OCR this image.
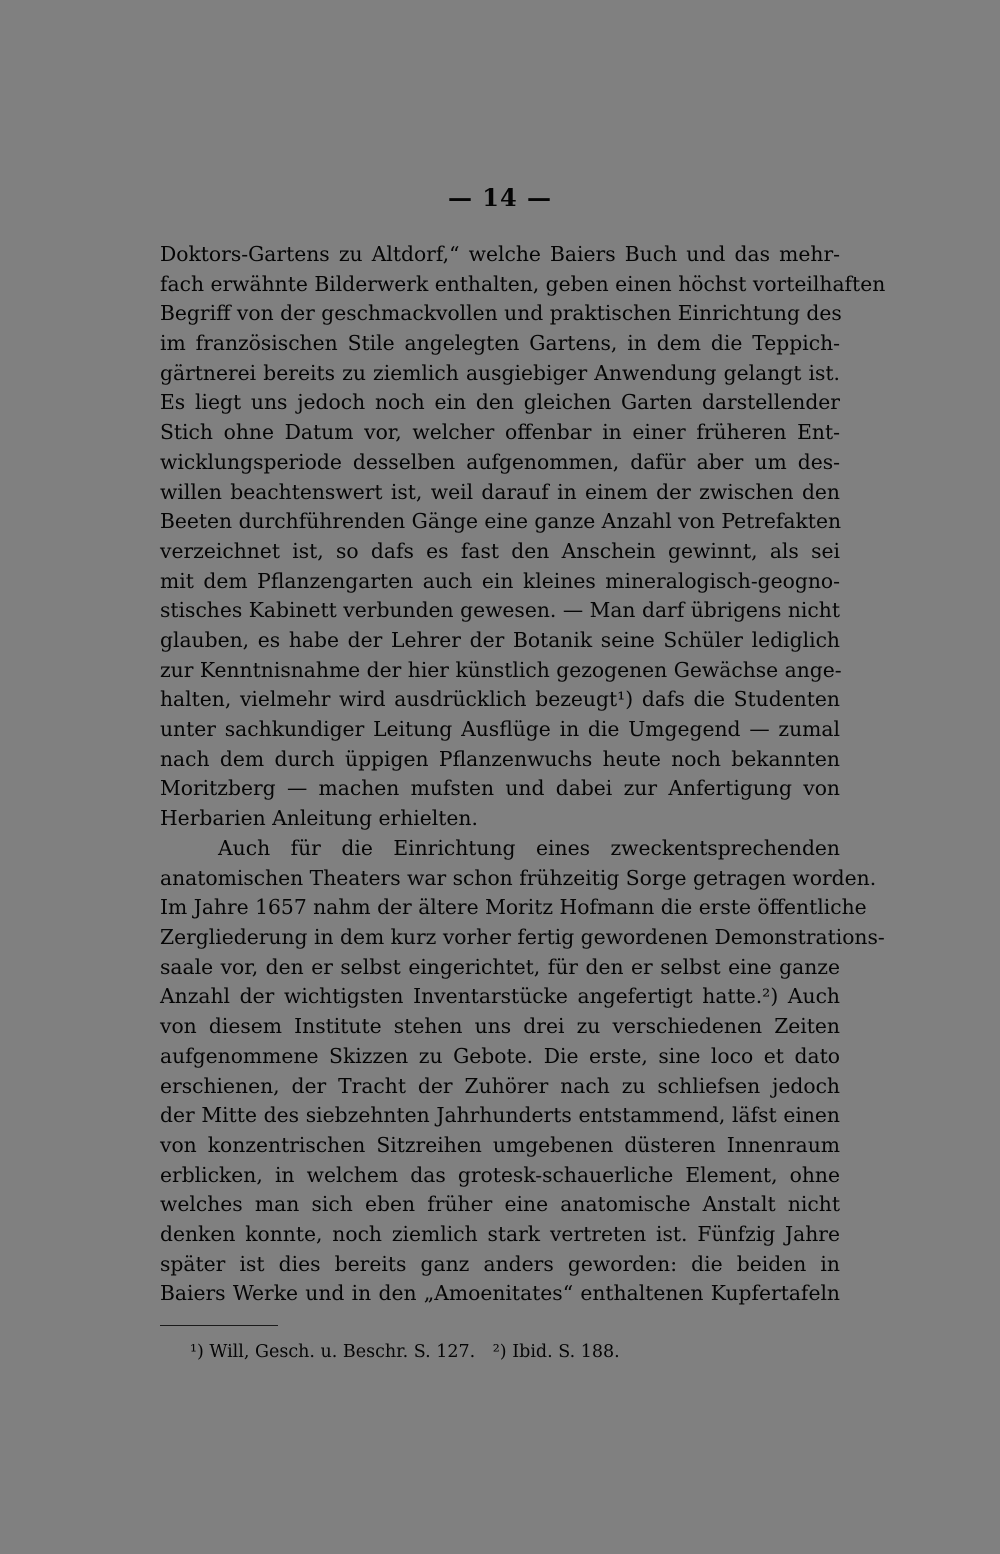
— 14 —
Doktors-Gartens zu Altdorf,“ welche Baiers Buch und das mehr-
fach erwähnte Bilderwerk enthalten, geben einen höchst vorteilhaften
Begriff von der geschmackvollen und praktischen Einrichtung des
im französischen Stile angelegten Gartens, in dem die Teppich-
gärtnerei bereits zu ziemlich ausgiebiger Anwendung gelangt ist.
Es liegt uns jedoch noch ein den gleichen Garten darstellender
Stich ohne Datum vor, welcher offenbar in einer früheren Ent-
wicklungsperiode desselben aufgenommen, dafür aber um des-
willen beachtenswert ist, weil darauf in einem der zwischen den
Beeten durchführenden Gänge eine ganze Anzahl von Petrefakten
verzeichnet ist, so dafs es fast den Anschein gewinnt, als sei
mit dem Pflanzengarten auch ein kleines mineralogisch-geogno-
stisches Kabinett verbunden gewesen. — Man darf übrigens nicht
glauben, es habe der Lehrer der Botanik seine Schüler lediglich
zur Kenntnisnahme der hier künstlich gezogenen Gewächse ange-
halten, vielmehr wird ausdrücklich bezeugt¹) dafs die Studenten
unter sachkundiger Leitung Ausflüge in die Umgegend — zumal
nach dem durch üppigen Pflanzenwuchs heute noch bekannten
Moritzberg — machen mufsten und dabei zur Anfertigung von
Herbarien Anleitung erhielten.
Auch für die Einrichtung eines zweckentsprechenden
anatomischen Theaters war schon frühzeitig Sorge getragen worden.
Im Jahre 1657 nahm der ältere Moritz Hofmann die erste öffentliche
Zergliederung in dem kurz vorher fertig gewordenen Demonstrations-
saale vor, den er selbst eingerichtet, für den er selbst eine ganze
Anzahl der wichtigsten Inventarstücke angefertigt hatte.²) Auch
von diesem Institute stehen uns drei zu verschiedenen Zeiten
aufgenommene Skizzen zu Gebote. Die erste, sine loco et dato
erschienen, der Tracht der Zuhörer nach zu schliefsen jedoch
der Mitte des siebzehnten Jahrhunderts entstammend, läfst einen
von konzentrischen Sitzreihen umgebenen düsteren Innenraum
erblicken, in welchem das grotesk-schauerliche Element, ohne
welches man sich eben früher eine anatomische Anstalt nicht
denken konnte, noch ziemlich stark vertreten ist. Fünfzig Jahre
später ist dies bereits ganz anders geworden: die beiden in
Baiers Werke und in den „Amoenitates“ enthaltenen Kupfertafeln
¹) Will, Gesch. u. Beschr. S. 127. ²) Ibid. S. 188.
